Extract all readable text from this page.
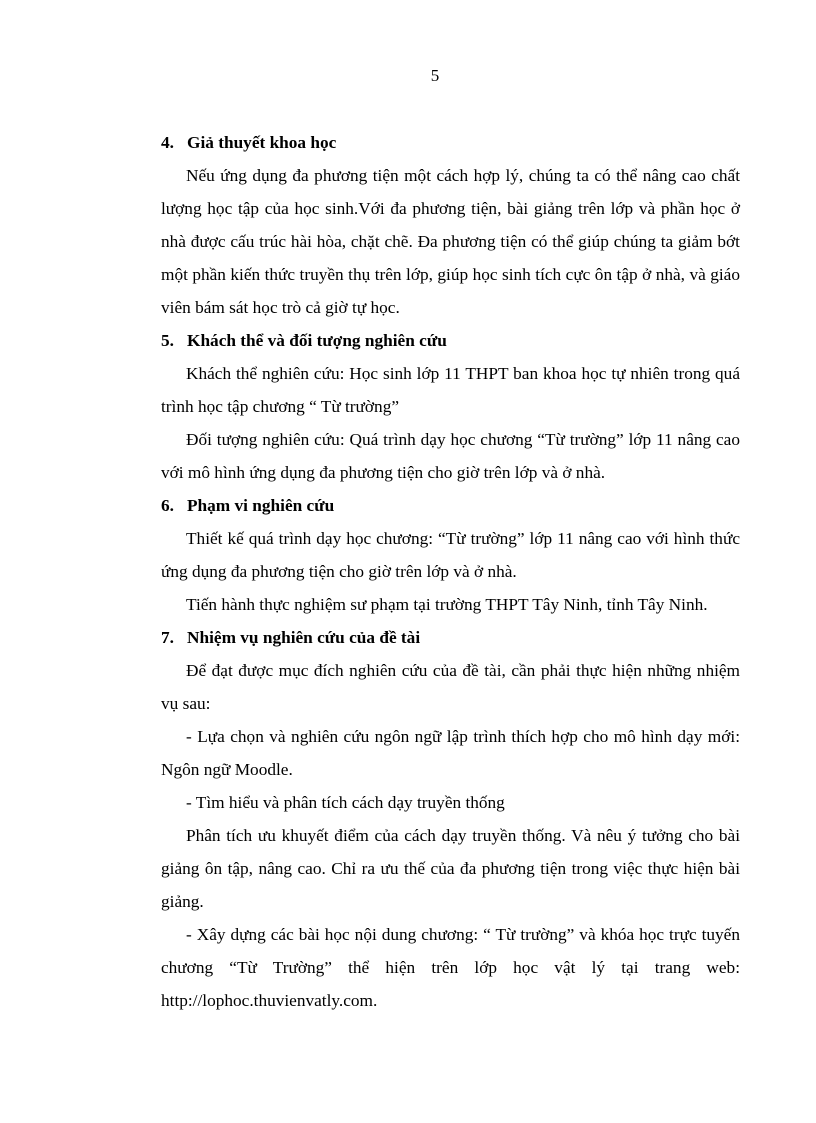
5

4. Giả thuyết khoa học

Nếu ứng dụng đa phương tiện một cách hợp lý, chúng ta có thể nâng cao chất lượng học tập của học sinh.Với đa phương tiện, bài giảng trên lớp và phần học ở nhà được cấu trúc hài hòa, chặt chẽ. Đa phương tiện có thể giúp chúng ta giảm bớt một phần kiến thức truyền thụ trên lớp, giúp học sinh tích cực ôn tập ở nhà, và giáo viên bám sát học trò cả giờ tự học.

5. Khách thể và đối tượng nghiên cứu

Khách thể nghiên cứu: Học sinh lớp 11 THPT ban khoa học tự nhiên trong quá trình học tập chương “ Từ trường”

Đối tượng nghiên cứu: Quá trình dạy học chương “Từ trường” lớp 11 nâng cao với mô hình ứng dụng đa phương tiện cho giờ trên lớp và ở nhà.

6. Phạm vi nghiên cứu

Thiết kế quá trình dạy học chương: “Từ trường” lớp 11 nâng cao với hình thức ứng dụng đa phương tiện cho giờ trên lớp và ở nhà.

Tiến hành thực nghiệm sư phạm tại trường THPT Tây Ninh, tỉnh Tây Ninh.

7. Nhiệm vụ nghiên cứu của đề tài

Để đạt được mục đích nghiên cứu của đề tài, cần phải thực hiện những nhiệm vụ sau:

- Lựa chọn và nghiên cứu ngôn ngữ lập trình thích hợp cho mô hình dạy mới: Ngôn ngữ Moodle.

- Tìm hiểu và phân tích cách dạy truyền thống

Phân tích ưu khuyết điểm của cách dạy truyền thống. Và nêu ý tưởng cho bài giảng ôn tập, nâng cao. Chỉ ra ưu thế của đa phương tiện trong việc thực hiện bài giảng.

- Xây dựng các bài học nội dung chương: “ Từ trường” và khóa học trực tuyến chương “Từ Trường” thể hiện trên lớp học vật lý tại trang web: http://lophoc.thuvienvatly.com.
